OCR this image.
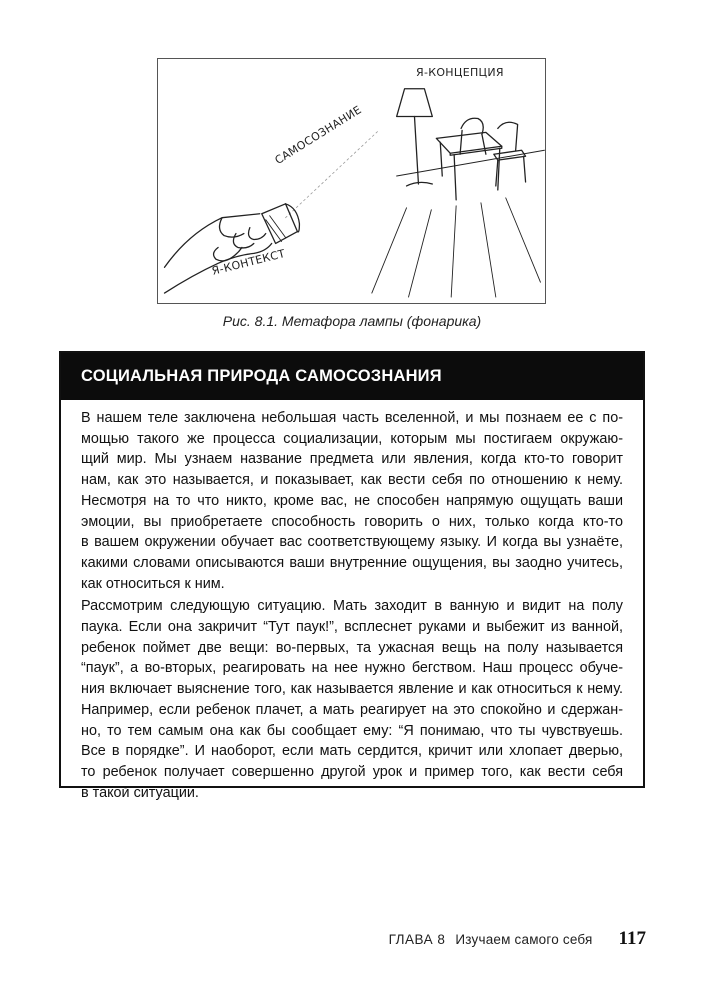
Я-КОНЦЕПЦИЯ
САМОСОЗНАНИЕ
Я-КОНТЕКСТ
Рис. 8.1. Метафора лампы (фонарика)
СОЦИАЛЬНАЯ ПРИРОДА САМОСОЗНАНИЯ
В нашем теле заключена небольшая часть вселенной, и мы познаем ее с по-
мощью такого же процесса социализации, которым мы постигаем окружаю-
щий мир. Мы узнаем название предмета или явления, когда кто-то говорит
нам, как это называется, и показывает, как вести себя по отношению к нему.
Несмотря на то что никто, кроме вас, не способен напрямую ощущать ваши
эмоции, вы приобретаете способность говорить о них, только когда кто-то
в вашем окружении обучает вас соответствующему языку. И когда вы узнаёте,
какими словами описываются ваши внутренние ощущения, вы заодно учитесь,
как относиться к ним.
Рассмотрим следующую ситуацию. Мать заходит в ванную и видит на полу
паука. Если она закричит “Тут паук!”, всплеснет руками и выбежит из ванной,
ребенок поймет две вещи: во-первых, та ужасная вещь на полу называется
“паук”, а во-вторых, реагировать на нее нужно бегством. Наш процесс обуче-
ния включает выяснение того, как называется явление и как относиться к нему.
Например, если ребенок плачет, а мать реагирует на это спокойно и сдержан-
но, то тем самым она как бы сообщает ему: “Я понимаю, что ты чувствуешь.
Все в порядке”. И наоборот, если мать сердится, кричит или хлопает дверью,
то ребенок получает совершенно другой урок и пример того, как вести себя
в такой ситуации.
ГЛАВА 8 Изучаем самого себя 117
